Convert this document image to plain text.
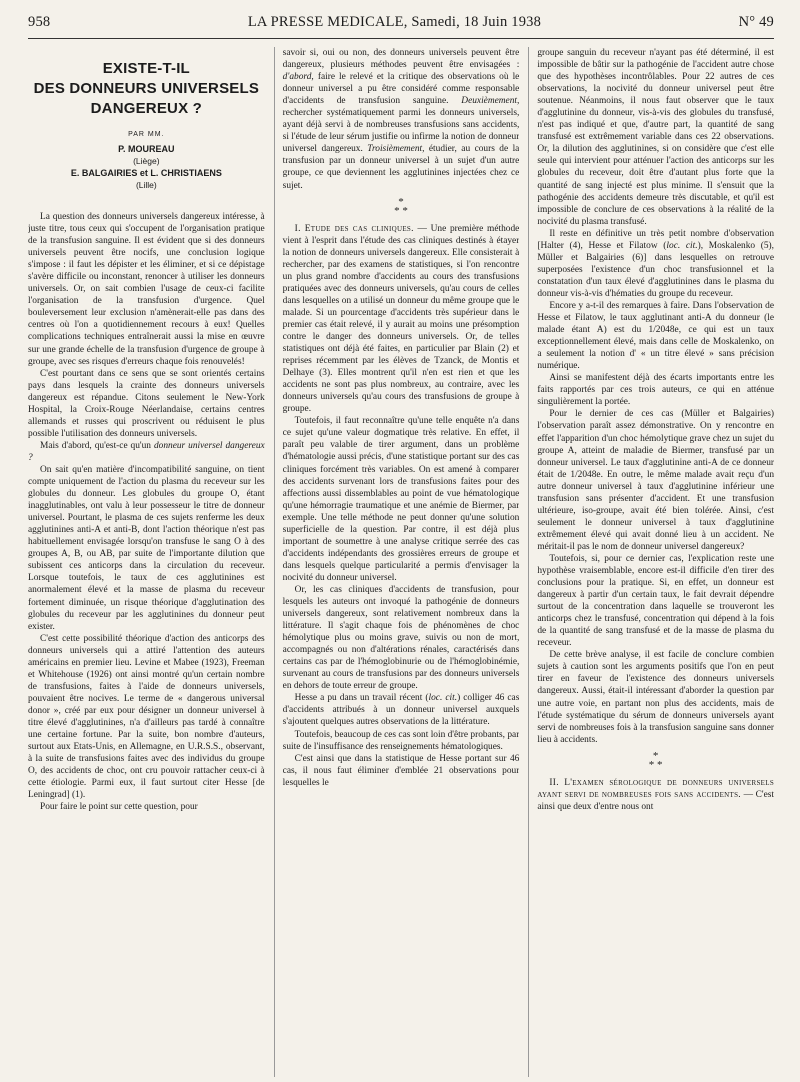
958	LA PRESSE MEDICALE, Samedi, 18 Juin 1938	N° 49
EXISTE-T-IL
DES DONNEURS UNIVERSELS
DANGEREUX ?
PAR MM.
P. MOUREAU
(Liège)
E. BALGAIRIES et L. CHRISTIAENS
(Lille)

La question des donneurs universels dangereux intéresse, à juste titre, tous ceux qui s'occupent de l'organisation pratique de la transfusion sanguine. Il est évident que si des donneurs universels peuvent être nocifs, une conclusion logique s'impose : il faut les dépister et les éliminer, et si ce dépistage s'avère difficile ou inconstant, renoncer à utiliser les donneurs universels. Or, on sait combien l'usage de ceux-ci facilite l'organisation de la transfusion d'urgence. Quel bouleversement leur exclusion n'amènerait-elle pas dans des centres où l'on a quotidiennement recours à eux! Quelles complications techniques entraînerait aussi la mise en œuvre sur une grande échelle de la transfusion d'urgence de groupe à groupe, avec ses risques d'erreurs chaque fois renouvelés!

C'est pourtant dans ce sens que se sont orientés certains pays dans lesquels la crainte des donneurs universels dangereux est répandue. Citons seulement le New-York Hospital, la Croix-Rouge Néerlandaise, certains centres allemands et russes qui proscrivent ou réduisent le plus possible l'utilisation des donneurs universels.

Mais d'abord, qu'est-ce qu'un donneur universel dangereux ?

On sait qu'en matière d'incompatibilité sanguine, on tient compte uniquement de l'action du plasma du receveur sur les globules du donneur. Les globules du groupe O, étant inagglutinables, ont valu à leur possesseur le titre de donneur universel. Pourtant, le plasma de ces sujets renferme les deux agglutinines anti-A et anti-B, dont l'action théorique n'est pas habituellement envisagée lorsqu'on transfuse le sang O à des groupes A, B, ou AB, par suite de l'importante dilution que subissent ces anticorps dans la circulation du receveur. Lorsque toutefois, le taux de ces agglutinines est anormalement élevé et la masse de plasma du receveur fortement diminuée, un risque théorique d'agglutination des globules du receveur par les agglutinines du donneur peut exister.

C'est cette possibilité théorique d'action des anticorps des donneurs universels qui a attiré l'attention des auteurs américains en premier lieu. Levine et Mabee (1923), Freeman et Whitehouse (1926) ont ainsi montré qu'un certain nombre de transfusions, faites à l'aide de donneurs universels, pouvaient être nocives. Le terme de « dangerous universal donor », créé par eux pour désigner un donneur universel à titre élevé d'agglutinines, n'a d'ailleurs pas tardé à connaître une certaine fortune. Par la suite, bon nombre d'auteurs, surtout aux Etats-Unis, en Allemagne, en U.R.S.S., observant, à la suite de transfusions faites avec des individus du groupe O, des accidents de choc, ont cru pouvoir rattacher ceux-ci à cette étiologie. Parmi eux, il faut surtout citer Hesse [de Leningrad] (1).

Pour faire le point sur cette question, pour

savoir si, oui ou non, des donneurs universels peuvent être dangereux, plusieurs méthodes peuvent être envisagées : d'abord, faire le relevé et la critique des observations où le donneur universel a pu être considéré comme responsable d'accidents de transfusion sanguine. Deuxièmement, rechercher systématiquement parmi les donneurs universels, ayant déjà servi à de nombreuses transfusions sans accidents, si l'étude de leur sérum justifie ou infirme la notion de donneur universel dangereux. Troisièmement, étudier, au cours de la transfusion par un donneur universel à un sujet d'un autre groupe, ce que deviennent les agglutinines injectées chez ce sujet.

*
* *

I. Etude des cas cliniques. — Une première méthode vient à l'esprit dans l'étude des cas cliniques destinés à étayer la notion de donneurs universels dangereux. Elle consisterait à rechercher, par des examens de statistiques, si l'on rencontre un plus grand nombre d'accidents au cours des transfusions pratiquées avec des donneurs universels, qu'au cours de celles dans lesquelles on a utilisé un donneur du même groupe que le malade. Si un pourcentage d'accidents très supérieur dans le premier cas était relevé, il y aurait au moins une présomption contre le danger des donneurs universels. Or, de telles statistiques ont déjà été faites, en particulier par Blain (2) et reprises récemment par les élèves de Tzanck, de Montis et Delhaye (3). Elles montrent qu'il n'en est rien et que les accidents ne sont pas plus nombreux, au contraire, avec les donneurs universels qu'au cours des transfusions de groupe à groupe.

Toutefois, il faut reconnaître qu'une telle enquête n'a dans ce sujet qu'une valeur dogmatique très relative. En effet, il paraît peu valable de tirer argument, dans un problème d'hématologie aussi précis, d'une statistique portant sur des cas cliniques forcément très variables. On est amené à comparer des accidents survenant lors de transfusions faites pour des affections aussi dissemblables au point de vue hématologique qu'une hémorragie traumatique et une anémie de Biermer, par exemple. Une telle méthode ne peut donner qu'une solution superficielle de la question. Par contre, il est déjà plus important de soumettre à une analyse critique serrée des cas d'accidents indépendants des grossières erreurs de groupe et dans lesquels quelque particularité a permis d'envisager la nocivité du donneur universel.

Or, les cas cliniques d'accidents de transfusion, pour lesquels les auteurs ont invoqué la pathogénie de donneurs universels dangereux, sont relativement nombreux dans la littérature. Il s'agit chaque fois de phénomènes de choc hémolytique plus ou moins grave, suivis ou non de mort, accompagnés ou non d'altérations rénales, caractérisés dans certains cas par de l'hémoglobinurie ou de l'hémoglobinémie, survenant au cours de transfusions par des donneurs universels en dehors de toute erreur de groupe.

Hesse a pu dans un travail récent (loc. cit.) colliger 46 cas d'accidents attribués à un donneur universel auxquels s'ajoutent quelques autres observations de la littérature.

Toutefois, beaucoup de ces cas sont loin d'être probants, par suite de l'insuffisance des renseignements hématologiques.

C'est ainsi que dans la statistique de Hesse portant sur 46 cas, il nous faut éliminer d'emblée 21 observations pour lesquelles le

groupe sanguin du receveur n'ayant pas été déterminé, il est impossible de bâtir sur la pathogénie de l'accident autre chose que des hypothèses incontrôlables. Pour 22 autres de ces observations, la nocivité du donneur universel peut être soutenue. Néanmoins, il nous faut observer que le taux d'agglutinine du donneur, vis-à-vis des globules du transfusé, n'est pas indiqué et que, d'autre part, la quantité de sang transfusé est extrêmement variable dans ces 22 observations. Or, la dilution des agglutinines, si on considère que c'est elle seule qui intervient pour atténuer l'action des anticorps sur les globules du receveur, doit être d'autant plus forte que la quantité de sang injecté est plus minime. Il s'ensuit que la pathogénie des accidents demeure très discutable, et qu'il est impossible de conclure de ces observations à la réalité de la nocivité du plasma transfusé.

Il reste en définitive un très petit nombre d'observation [Halter (4), Hesse et Filatow (loc. cit.), Moskalenko (5), Müller et Balgairies (6)] dans lesquelles on retrouve superposées l'existence d'un choc transfusionnel et la constatation d'un taux élevé d'agglutinines dans le plasma du donneur vis-à-vis d'hématies du groupe du receveur.

Encore y a-t-il des remarques à faire. Dans l'observation de Hesse et Filatow, le taux agglutinant anti-A du donneur (le malade étant A) est du 1/2048e, ce qui est un taux exceptionnellement élevé, mais dans celle de Moskalenko, on a seulement la notion d' « un titre élevé » sans précision numérique.

Ainsi se manifestent déjà des écarts importants entre les faits rapportés par ces trois auteurs, ce qui en atténue singulièrement la portée.

Pour le dernier de ces cas (Müller et Balgairies) l'observation paraît assez démonstrative. On y rencontre en effet l'apparition d'un choc hémolytique grave chez un sujet du groupe A, atteint de maladie de Biermer, transfusé par un donneur universel. Le taux d'agglutinine anti-A de ce donneur était de 1/2048e. En outre, le même malade avait reçu d'un autre donneur universel à taux d'agglutinine inférieur une transfusion sans présenter d'accident. Et une transfusion ultérieure, iso-groupe, avait été bien tolérée. Ainsi, c'est seulement le donneur universel à taux d'agglutinine extrêmement élevé qui avait donné lieu à un accident. Ne méritait-il pas le nom de donneur universel dangereux?

Toutefois, si, pour ce dernier cas, l'explication reste une hypothèse vraisemblable, encore est-il difficile d'en tirer des conclusions pour la pratique. Si, en effet, un donneur est dangereux à partir d'un certain taux, le fait devrait dépendre surtout de la concentration dans laquelle se trouveront les anticorps chez le transfusé, concentration qui dépend à la fois de la quantité de sang transfusé et de la masse de plasma du receveur.

De cette brève analyse, il est facile de conclure combien sujets à caution sont les arguments positifs que l'on en peut tirer en faveur de l'existence des donneurs universels dangereux. Aussi, était-il intéressant d'aborder la question par une autre voie, en partant non plus des accidents, mais de l'étude systématique du sérum de donneurs universels ayant servi de nombreuses fois à la transfusion sanguine sans donner lieu à accidents.

*
* *

II. L'examen sérologique de donneurs universels ayant servi de nombreuses fois sans accidents. — C'est ainsi que deux d'entre nous ont
